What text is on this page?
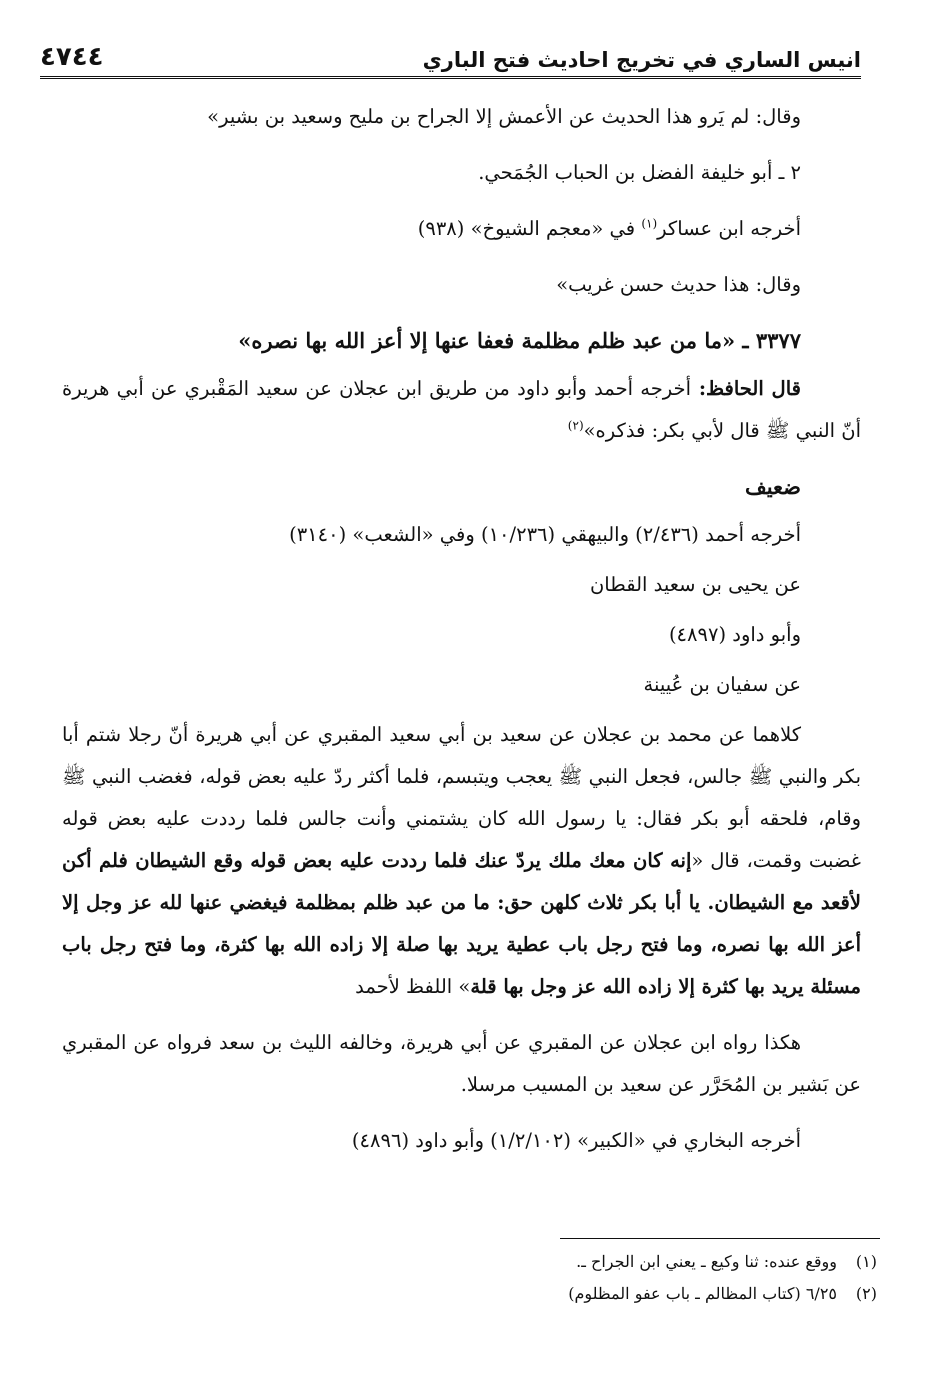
انيس الساري في تخريج احاديث فتح الباري
٤٧٤٤

وقال: لم يَرو هذا الحديث عن الأعمش إلا الجراح بن مليح وسعيد بن بشير»

٢ ـ أبو خليفة الفضل بن الحباب الجُمَحي.

أخرجه ابن عساكر$^{(١)}$ في «معجم الشيوخ» (٩٣٨)

وقال: هذا حديث حسن غريب»

٣٣٧٧ ـ «ما من عبد ظلم مظلمة فعفا عنها إلا أعز الله بها نصره»

قال الحافظ: أخرجه أحمد وأبو داود من طريق ابن عجلان عن سعيد المَقْبري عن أبي هريرة أنّ النبي ﷺ قال لأبي بكر: فذكره»$^{(٢)}$

ضعيف

أخرجه أحمد (٢/٤٣٦) والبيهقي (١٠/٢٣٦) وفي «الشعب» (٣١٤٠)

عن يحيى بن سعيد القطان

وأبو داود (٤٨٩٧)

عن سفيان بن عُيينة

كلاهما عن محمد بن عجلان عن سعيد بن أبي سعيد المقبري عن أبي هريرة أنّ رجلا شتم أبا بكر والنبي ﷺ جالس، فجعل النبي ﷺ يعجب ويتبسم، فلما أكثر ردّ عليه بعض قوله، فغضب النبي ﷺ وقام، فلحقه أبو بكر فقال: يا رسول الله كان يشتمني وأنت جالس فلما رددت عليه بعض قوله غضبت وقمت، قال «إنه كان معك ملك يردّ عنك فلما رددت عليه بعض قوله وقع الشيطان فلم أكن لأقعد مع الشيطان. يا أبا بكر ثلاث كلهن حق: ما من عبد ظلم بمظلمة فيغضي عنها لله عز وجل إلا أعز الله بها نصره، وما فتح رجل باب عطية يريد بها صلة إلا زاده الله بها كثرة، وما فتح رجل باب مسئلة يريد بها كثرة إلا زاده الله عز وجل بها قلة» اللفظ لأحمد

هكذا رواه ابن عجلان عن المقبري عن أبي هريرة، وخالفه الليث بن سعد فرواه عن المقبري عن بَشير بن المُحَرَّر عن سعيد بن المسيب مرسلا.

أخرجه البخاري في «الكبير» (١/٢/١٠٢) وأبو داود (٤٨٩٦)

(١)
ووقع عنده: ثنا وكيع ـ يعني ابن الجراح ـ.
(٢)
٦/٢٥ (كتاب المظالم ـ باب عفو المظلوم)
